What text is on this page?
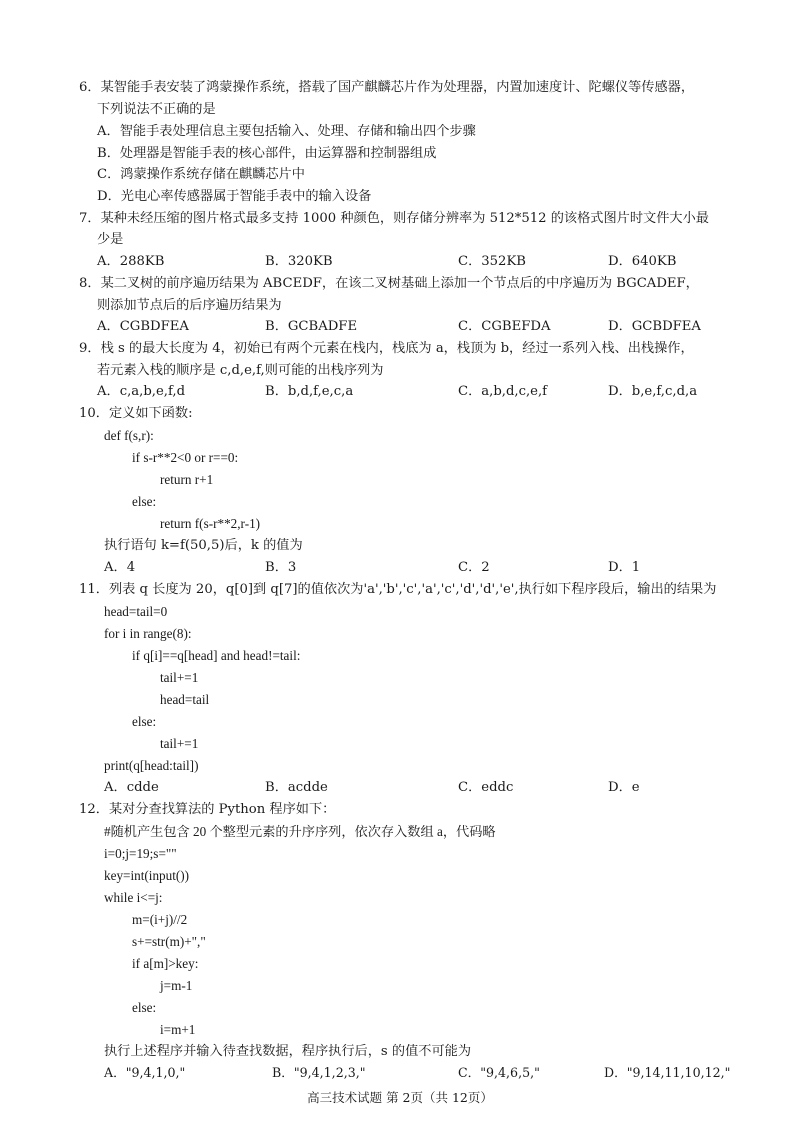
6．某智能手表安装了鸿蒙操作系统，搭载了国产麒麟芯片作为处理器，内置加速度计、陀螺仪等传感器，
下列说法不正确的是
A．智能手表处理信息主要包括输入、处理、存储和输出四个步骤
B．处理器是智能手表的核心部件，由运算器和控制器组成
C．鸿蒙操作系统存储在麒麟芯片中
D．光电心率传感器属于智能手表中的输入设备
7．某种未经压缩的图片格式最多支持 1000 种颜色，则存储分辨率为 512*512 的该格式图片时文件大小最
少是
A．288KB	B．320KB	C．352KB	D．640KB
8．某二叉树的前序遍历结果为 ABCEDF，在该二叉树基础上添加一个节点后的中序遍历为 BGCADEF，
则添加节点后的后序遍历结果为
A．CGBDFEA	B．GCBADFE	C．CGBEFDA	D．GCBDFEA
9．栈 s 的最大长度为 4，初始已有两个元素在栈内，栈底为 a，栈顶为 b，经过一系列入栈、出栈操作，
若元素入栈的顺序是 c,d,e,f,则可能的出栈序列为
A．c,a,b,e,f,d	B．b,d,f,e,c,a	C．a,b,d,c,e,f	D．b,e,f,c,d,a
10．定义如下函数:
def f(s,r):
if s-r**2<0 or r==0:
return r+1
else:
return f(s-r**2,r-1)
执行语句 k=f(50,5)后，k 的值为
A．4	B．3	C．2	D．1
11．列表 q 长度为 20，q[0]到 q[7]的值依次为'a','b','c','a','c','d','d','e',执行如下程序段后，输出的结果为
head=tail=0
for i in range(8):
if q[i]==q[head] and head!=tail:
tail+=1
head=tail
else:
tail+=1
print(q[head:tail])
A．cdde	B．acdde	C．eddc	D．e
12．某对分查找算法的 Python 程序如下：
#随机产生包含 20 个整型元素的升序序列，依次存入数组 a，代码略
i=0;j=19;s=""
key=int(input())
while i<=j:
m=(i+j)//2
s+=str(m)+","
if a[m]>key:
j=m-1
else:
i=m+1
执行上述程序并输入待查找数据，程序执行后，s 的值不可能为
A．"9,4,1,0,"	B．"9,4,1,2,3,"	C．"9,4,6,5,"	D．"9,14,11,10,12,"
高三技术试题 第 2页（共 12页）
